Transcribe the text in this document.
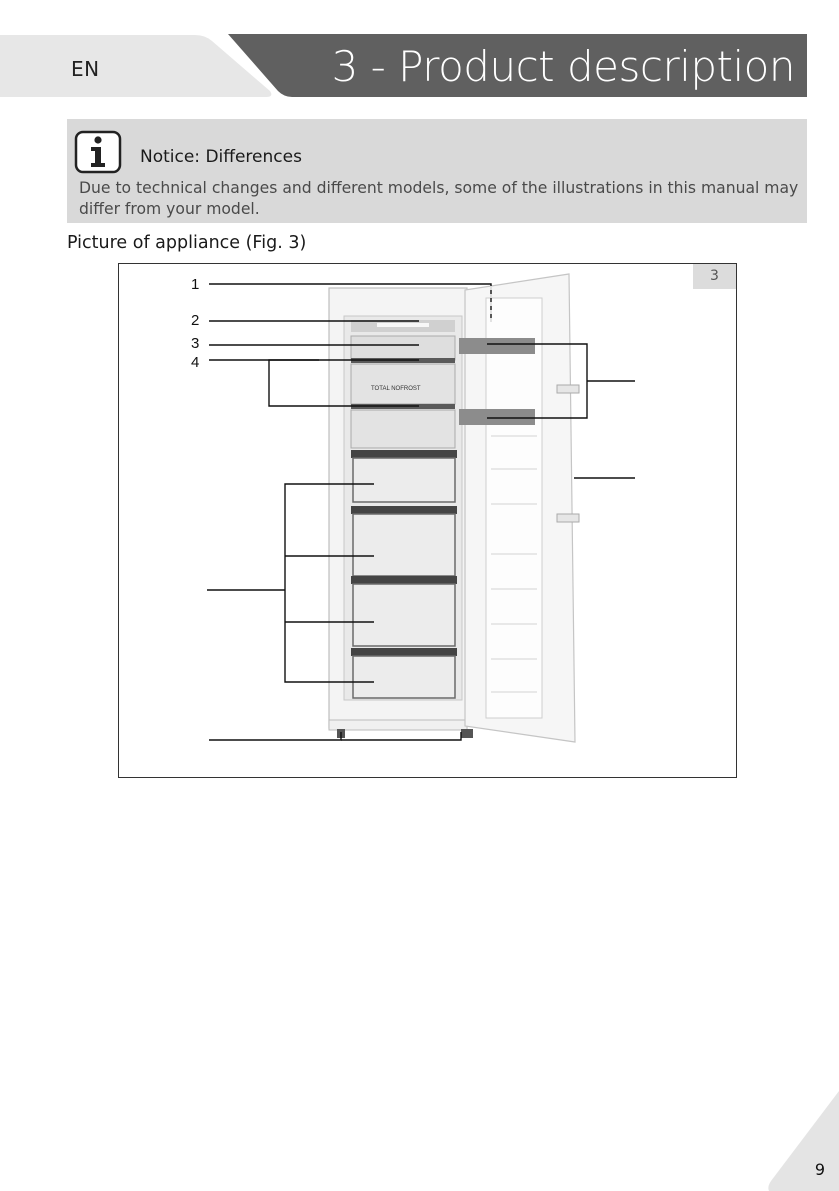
EN	3 - Product description
Notice: Differences
Due to technical changes and different models, some of the illustrations in this manual may differ from your model.
Picture of appliance (Fig. 3)
3
TOTAL NOFROST
1
2
3
4
9
